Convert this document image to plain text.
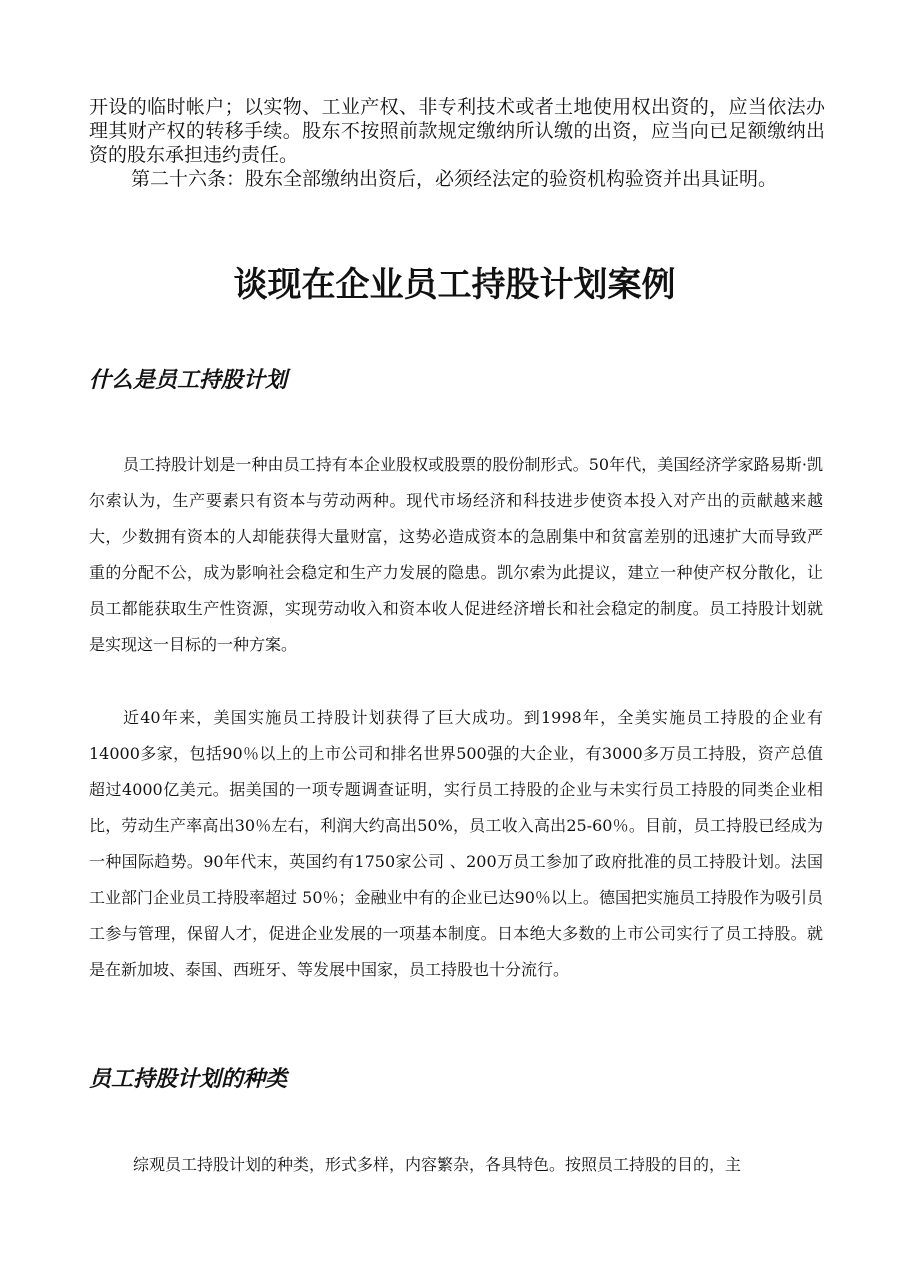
开设的临时帐户；以实物、工业产权、非专利技术或者土地使用权出资的，应当依法办理其财产权的转移手续。股东不按照前款规定缴纳所认缴的出资，应当向已足额缴纳出资的股东承担违约责任。

第二十六条：股东全部缴纳出资后，必须经法定的验资机构验资并出具证明。

谈现在企业员工持股计划案例
什么是员工持股计划

员工持股计划是一种由员工持有本企业股权或股票的股份制形式。50年代，美国经济学家路易斯·凯尔索认为，生产要素只有资本与劳动两种。现代市场经济和科技进步使资本投入对产出的贡献越来越大，少数拥有资本的人却能获得大量财富，这势必造成资本的急剧集中和贫富差别的迅速扩大而导致严重的分配不公，成为影响社会稳定和生产力发展的隐患。凯尔索为此提议，建立一种使产权分散化，让员工都能获取生产性资源，实现劳动收入和资本收人促进经济增长和社会稳定的制度。员工持股计划就是实现这一目标的一种方案。

近40年来，美国实施员工持股计划获得了巨大成功。到1998年，全美实施员工持股的企业有14000多家，包括90％以上的上市公司和排名世界500强的大企业，有3000多万员工持股，资产总值超过4000亿美元。据美国的一项专题调查证明，实行员工持股的企业与未实行员工持股的同类企业相比，劳动生产率高出30％左右，利润大约高出50%，员工收入高出25-60％。目前，员工持股已经成为一种国际趋势。90年代末，英国约有1750家公司 、200万员工参加了政府批准的员工持股计划。法国工业部门企业员工持股率超过 50％；金融业中有的企业已达90％以上。德国把实施员工持股作为吸引员工参与管理，保留人才，促进企业发展的一项基本制度。日本绝大多数的上市公司实行了员工持股。就是在新加坡、泰国、西班牙、等发展中国家，员工持股也十分流行。

员工持股计划的种类

综观员工持股计划的种类，形式多样，内容繁杂，各具特色。按照员工持股的目的，主
